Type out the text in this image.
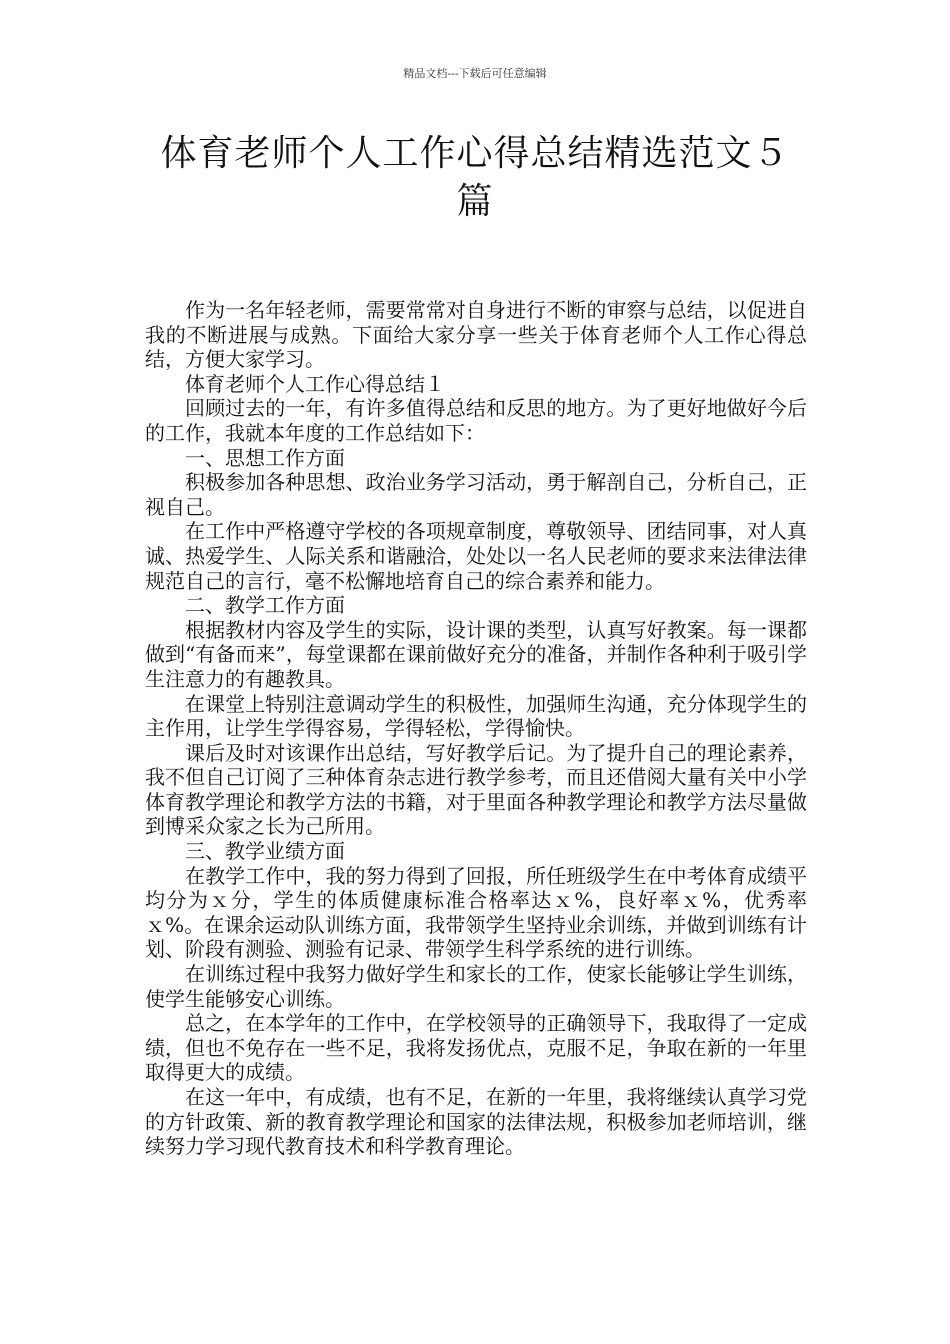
精品文档---下载后可任意编辑
体育老师个人工作心得总结精选范文５
篇

作为一名年轻老师，需要常常对自身进行不断的审察与总结，以促进自我的不断进展与成熟。下面给大家分享一些关于体育老师个人工作心得总结，方便大家学习。

体育老师个人工作心得总结１

回顾过去的一年，有许多值得总结和反思的地方。为了更好地做好今后的工作，我就本年度的工作总结如下：

一、思想工作方面

积极参加各种思想、政治业务学习活动，勇于解剖自己，分析自己，正视自己。

在工作中严格遵守学校的各项规章制度，尊敬领导、团结同事，对人真诚、热爱学生、人际关系和谐融洽，处处以一名人民老师的要求来法律法律规范自己的言行，毫不松懈地培育自己的综合素养和能力。

二、教学工作方面

根据教材内容及学生的实际，设计课的类型，认真写好教案。每一课都做到“有备而来”，每堂课都在课前做好充分的准备，并制作各种利于吸引学生注意力的有趣教具。

在课堂上特别注意调动学生的积极性，加强师生沟通，充分体现学生的主作用，让学生学得容易，学得轻松，学得愉快。

课后及时对该课作出总结，写好教学后记。为了提升自己的理论素养，我不但自己订阅了三种体育杂志进行教学参考，而且还借阅大量有关中小学体育教学理论和教学方法的书籍，对于里面各种教学理论和教学方法尽量做到博采众家之长为己所用。

三、教学业绩方面

在教学工作中，我的努力得到了回报，所任班级学生在中考体育成绩平均分为ｘ分，学生的体质健康标准合格率达ｘ%，良好率ｘ%，优秀率ｘ%。在课余运动队训练方面，我带领学生坚持业余训练，并做到训练有计划、阶段有测验、测验有记录、带领学生科学系统的进行训练。

在训练过程中我努力做好学生和家长的工作，使家长能够让学生训练，使学生能够安心训练。

总之，在本学年的工作中，在学校领导的正确领导下，我取得了一定成绩，但也不免存在一些不足，我将发扬优点，克服不足，争取在新的一年里取得更大的成绩。

在这一年中，有成绩，也有不足，在新的一年里，我将继续认真学习党的方针政策、新的教育教学理论和国家的法律法规，积极参加老师培训，继续努力学习现代教育技术和科学教育理论。
